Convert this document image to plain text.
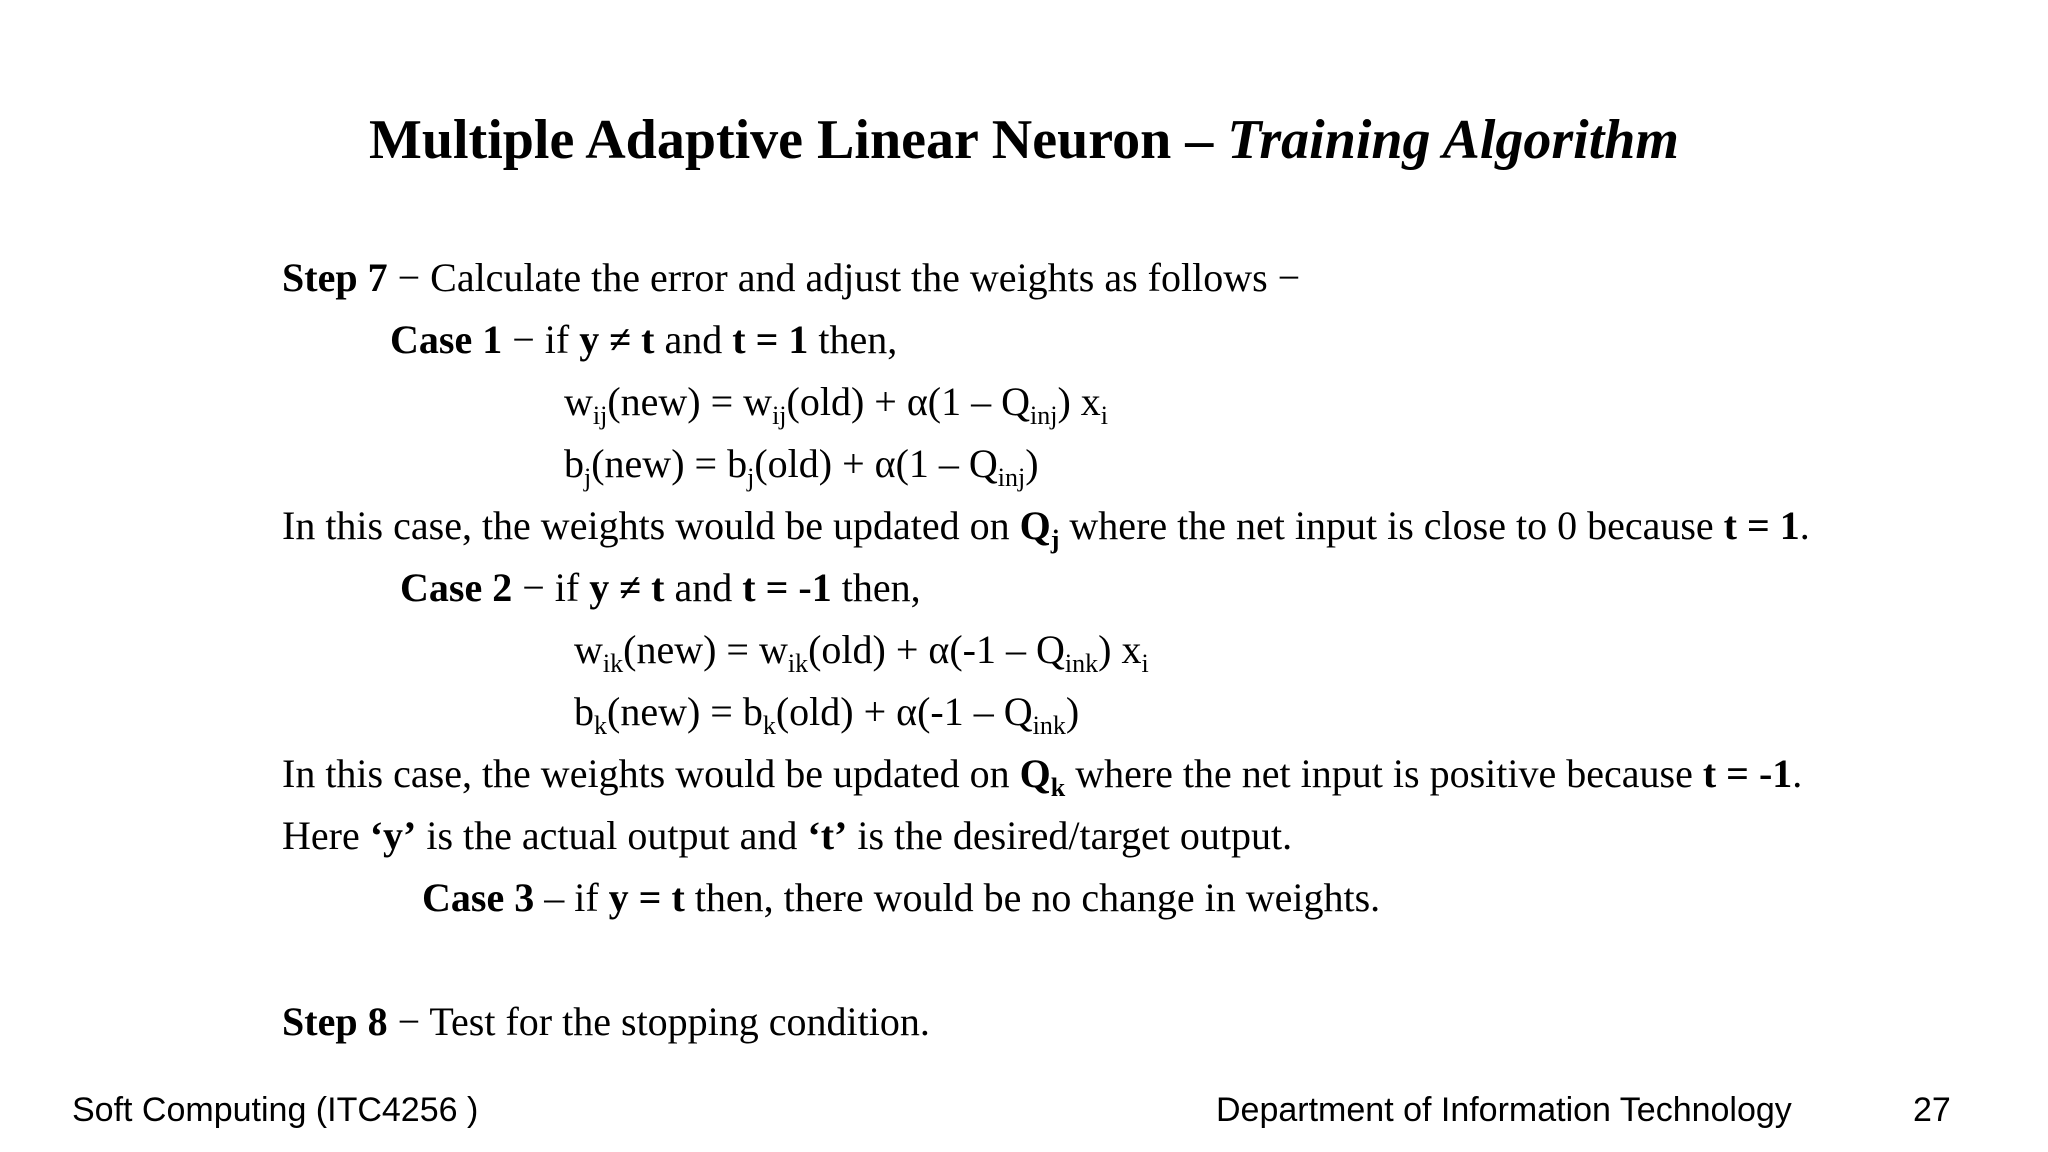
Multiple Adaptive Linear Neuron – Training Algorithm
Step 7 − Calculate the error and adjust the weights as follows −
Case 1 − if y ≠ t and t = 1 then,
$w_{ij}(new) = w_{ij}(old) + \alpha(1 - Q_{inj})$ $x_i$
$b_j(new) = b_j(old) + \alpha(1 - Q_{inj})$
In this case, the weights would be updated on $Q_j$ where the net input is close to 0 because t = 1.
Case 2 − if y ≠ t and t = -1 then,
$w_{ik}(new) = w_{ik}(old) + \alpha(-1 - Q_{ink})$ $x_i$
$b_k(new) = b_k(old) + \alpha(-1 - Q_{ink})$
In this case, the weights would be updated on $Q_k$ where the net input is positive because t = -1.
Here ‘y’ is the actual output and ‘t’ is the desired/target output.
Case 3 – if y = t then, there would be no change in weights.
Step 8 − Test for the stopping condition.
Soft Computing (ITC4256 )	Department of Information Technology	27
